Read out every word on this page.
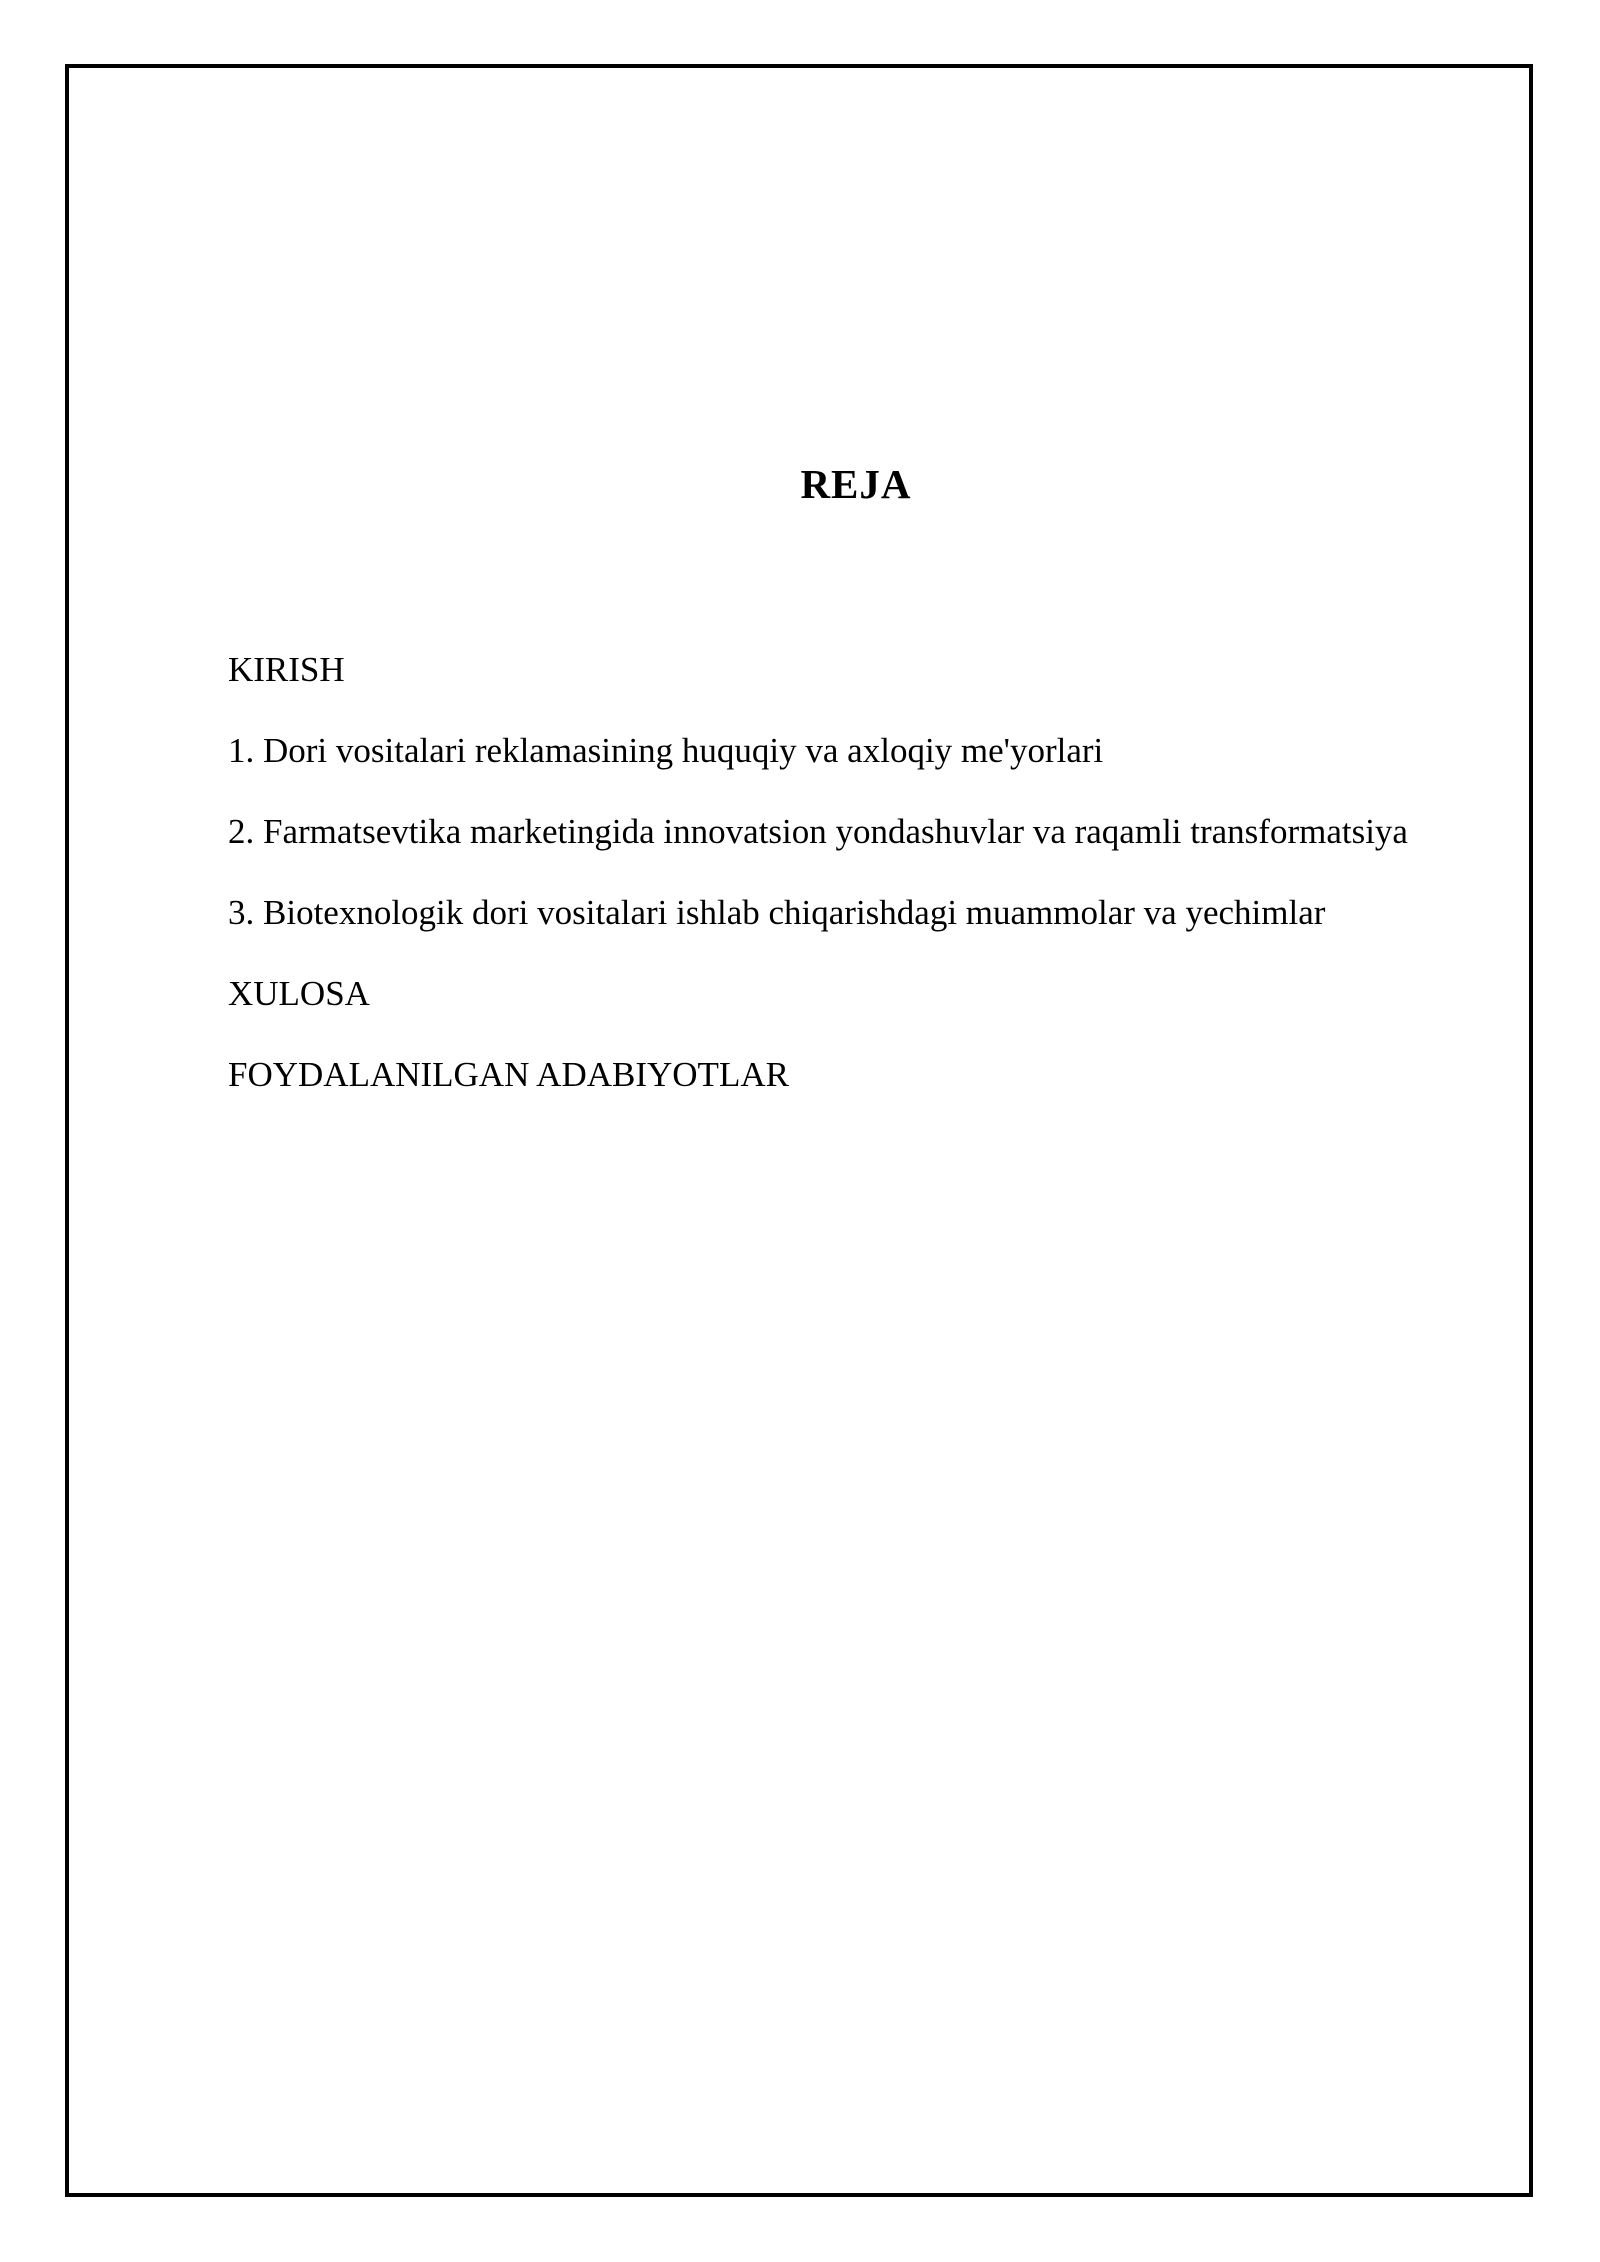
REJA
KIRISH
1. Dori vositalari reklamasining huquqiy va axloqiy me'yorlari
2. Farmatsevtika marketingida innovatsion yondashuvlar va raqamli transformatsiya
3. Biotexnologik dori vositalari ishlab chiqarishdagi muammolar va yechimlar
XULOSA
FOYDALANILGAN ADABIYOTLAR
